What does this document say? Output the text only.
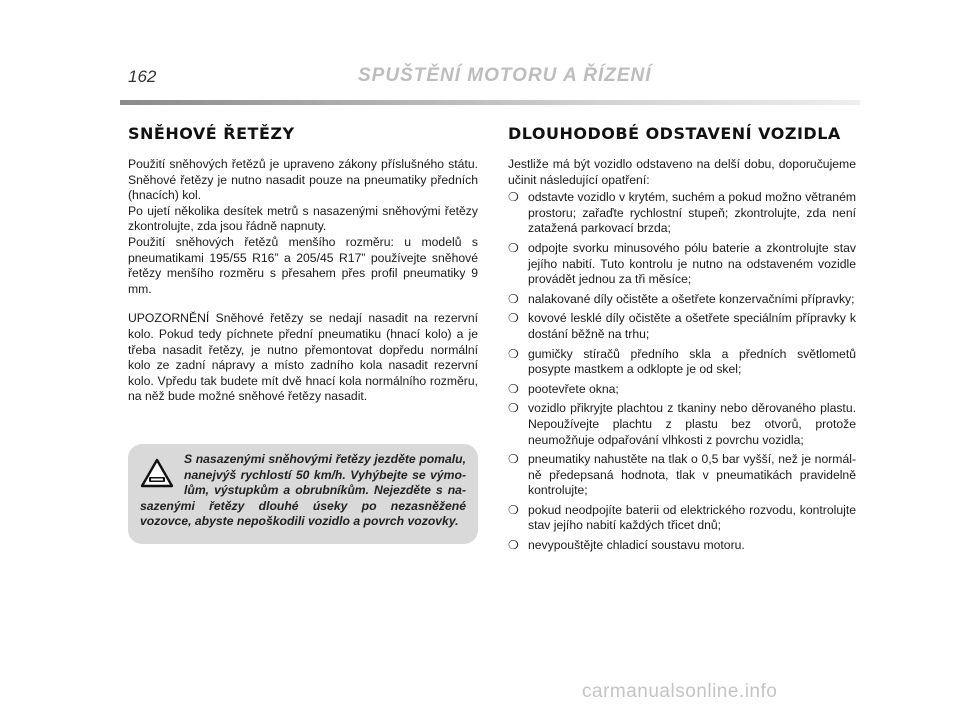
162	SPUŠTĚNÍ MOTORU A ŘÍZENÍ
SNĚHOVÉ ŘETĚZY

Použití sněhových řetězů je upraveno zákony příslušného státu. Sněhové řetězy je nutno nasadit pouze na pneumatiky předních (hnacích) kol.

Po ujetí několika desítek metrů s nasazenými sněhovými řetězy zkontrolujte, zda jsou řádně napnuty.

Použití sněhových řetězů menšího rozměru: u modelů s pneumatikami 195/55 R16” a 205/45 R17” používejte sněhové řetězy menšího rozměru s přesahem přes profil pneumatiky 9 mm.

UPOZORNĚNÍ Sněhové řetězy se nedají nasadit na rezervní kolo. Pokud tedy píchnete přední pneumatiku (hnací kolo) a je třeba nasadit řetězy, je nutno přemontovat dopředu normální kolo ze zadní nápravy a místo zadního kola nasadit rezervní kolo. Vpředu tak budete mít dvě hnací kola normálního rozměru, na něž bude možné sněhové řetězy nasadit.

S nasazenými sněhovými řetězy jezděte pomalu, nanejvýš rychlostí 50 km/h. Vyhýbejte se výmolům, výstupkům a obrubníkům. Nejezděte s nasazenými řetězy dlouhé úseky po nezasněžené vozovce, abyste nepoškodili vozidlo a povrch vozovky.
DLOUHODOBÉ ODSTAVENÍ VOZIDLA

Jestliže má být vozidlo odstaveno na delší dobu, doporučujeme učinit následující opatření:

❍ odstavte vozidlo v krytém, suchém a pokud možno větraném prostoru; zařaďte rychlostní stupeň; zkontrolujte, zda není zatažená parkovací brzda;
❍ odpojte svorku minusového pólu baterie a zkontrolujte stav jejího nabití. Tuto kontrolu je nutno na odstaveném vozidle provádět jednou za tři měsíce;
❍ nalakované díly očistěte a ošetřete konzervačními přípravky;
❍ kovové lesklé díly očistěte a ošetřete speciálním přípravky k dostání běžně na trhu;
❍ gumičky stíračů předního skla a předních světlometů posypte mastkem a odklopte je od skel;
❍ pootevřete okna;
❍ vozidlo přikryjte plachtou z tkaniny nebo děrovaného plastu. Nepoužívejte plachtu z plastu bez otvorů, protože neumožňuje odpařování vlhkosti z povrchu vozidla;
❍ pneumatiky nahustěte na tlak o 0,5 bar vyšší, než je normálně předepsaná hodnota, tlak v pneumatikách pravidelně kontrolujte;
❍ pokud neodpojíte baterii od elektrického rozvodu, kontrolujte stav jejího nabití každých třicet dnů;
❍ nevypouštějte chladicí soustavu motoru.
carmanualsonline.info
